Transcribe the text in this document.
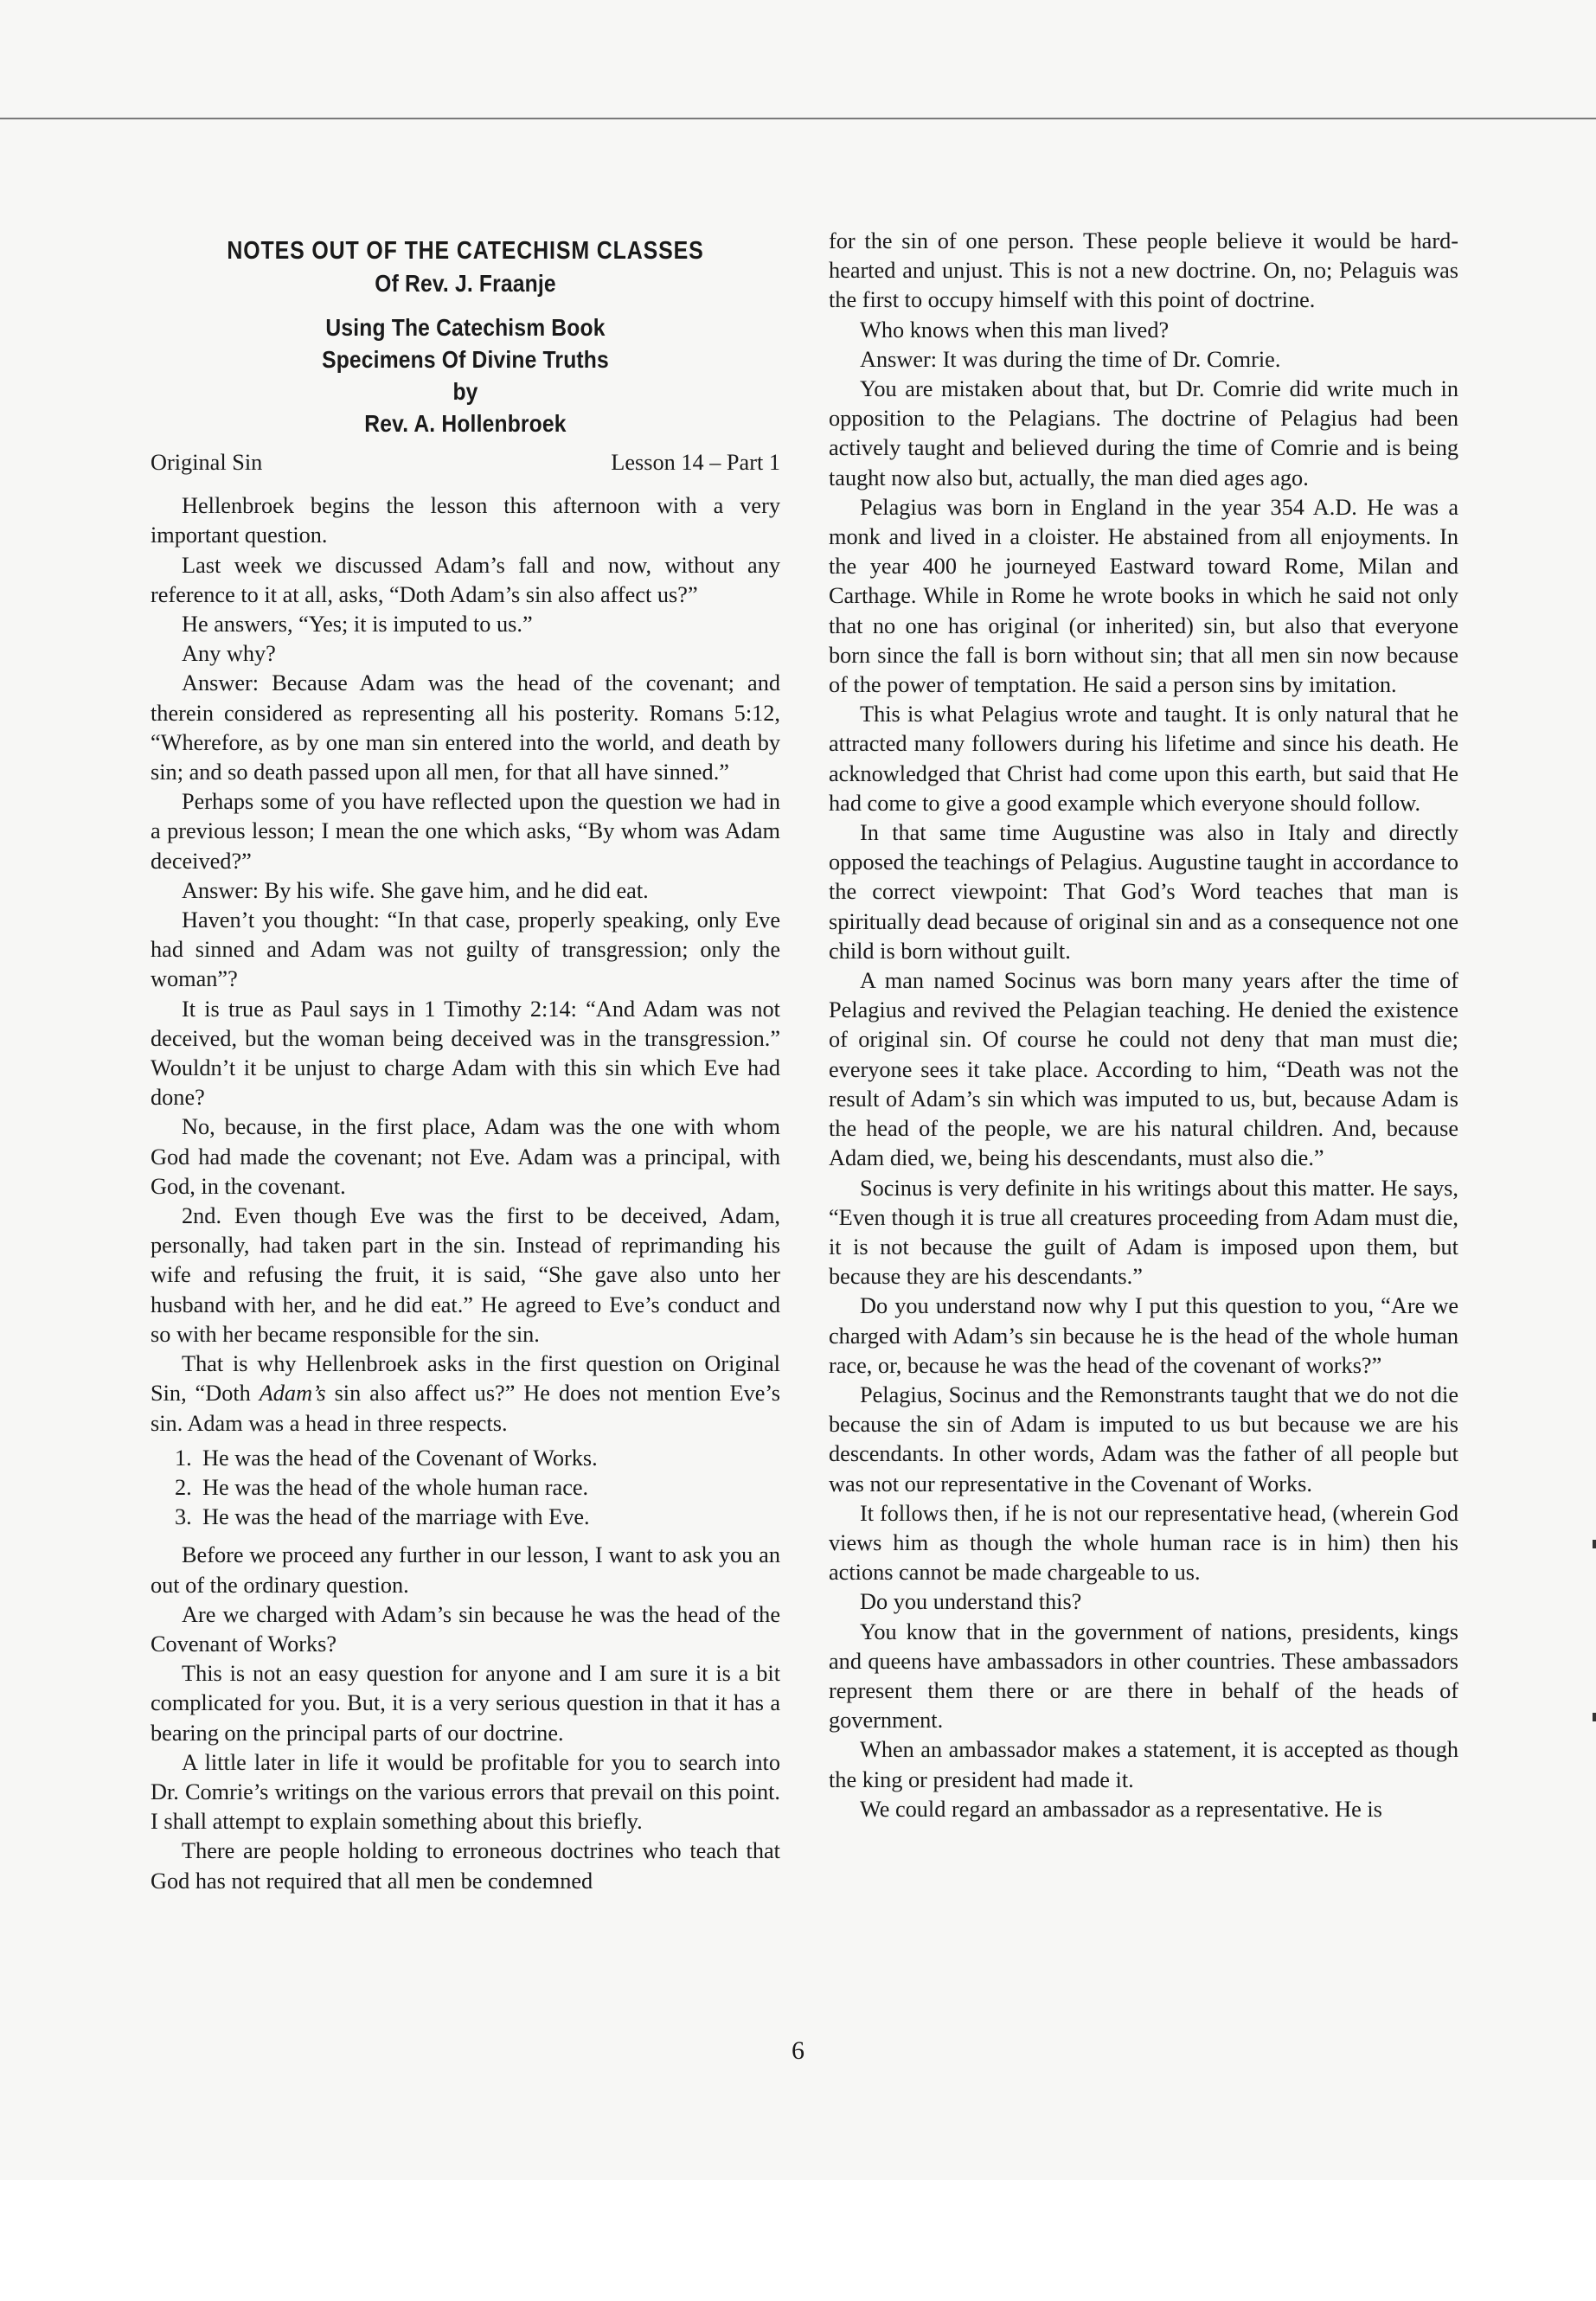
NOTES OUT OF THE CATECHISM CLASSES
Of Rev. J. Fraanje
Using The Catechism Book
Specimens Of Divine Truths
by
Rev. A. Hollenbroek
Original Sin	Lesson 14 – Part 1

Hellenbroek begins the lesson this afternoon with a very important question.

Last week we discussed Adam’s fall and now, without any reference to it at all, asks, “Doth Adam’s sin also affect us?”

He answers, “Yes; it is imputed to us.”

Any why?

Answer: Because Adam was the head of the covenant; and therein considered as representing all his posterity. Romans 5:12, “Wherefore, as by one man sin entered into the world, and death by sin; and so death passed upon all men, for that all have sinned.”

Perhaps some of you have reflected upon the question we had in a previous lesson; I mean the one which asks, “By whom was Adam deceived?”

Answer: By his wife. She gave him, and he did eat.

Haven’t you thought: “In that case, properly speaking, only Eve had sinned and Adam was not guilty of transgression; only the woman”?

It is true as Paul says in 1 Timothy 2:14: “And Adam was not deceived, but the woman being deceived was in the transgression.” Wouldn’t it be unjust to charge Adam with this sin which Eve had done?

No, because, in the first place, Adam was the one with whom God had made the covenant; not Eve. Adam was a principal, with God, in the covenant.

2nd. Even though Eve was the first to be deceived, Adam, personally, had taken part in the sin. Instead of reprimanding his wife and refusing the fruit, it is said, “She gave also unto her husband with her, and he did eat.” He agreed to Eve’s conduct and so with her became responsible for the sin.

That is why Hellenbroek asks in the first question on Original Sin, “Doth Adam’s sin also affect us?” He does not mention Eve’s sin. Adam was a head in three respects.

1. He was the head of the Covenant of Works.
2. He was the head of the whole human race.
3. He was the head of the marriage with Eve.

Before we proceed any further in our lesson, I want to ask you an out of the ordinary question.

Are we charged with Adam’s sin because he was the head of the Covenant of Works?

This is not an easy question for anyone and I am sure it is a bit complicated for you. But, it is a very serious question in that it has a bearing on the principal parts of our doctrine.

A little later in life it would be profitable for you to search into Dr. Comrie’s writings on the various errors that prevail on this point. I shall attempt to explain something about this briefly.

There are people holding to erroneous doctrines who teach that God has not required that all men be condemned

for the sin of one person. These people believe it would be hard-hearted and unjust. This is not a new doctrine. On, no; Pelaguis was the first to occupy himself with this point of doctrine.

Who knows when this man lived?

Answer: It was during the time of Dr. Comrie.

You are mistaken about that, but Dr. Comrie did write much in opposition to the Pelagians. The doctrine of Pelagius had been actively taught and believed during the time of Comrie and is being taught now also but, actually, the man died ages ago.

Pelagius was born in England in the year 354 A.D. He was a monk and lived in a cloister. He abstained from all enjoyments. In the year 400 he journeyed Eastward toward Rome, Milan and Carthage. While in Rome he wrote books in which he said not only that no one has original (or inherited) sin, but also that everyone born since the fall is born without sin; that all men sin now because of the power of temptation. He said a person sins by imitation.

This is what Pelagius wrote and taught. It is only natural that he attracted many followers during his lifetime and since his death. He acknowledged that Christ had come upon this earth, but said that He had come to give a good example which everyone should follow.

In that same time Augustine was also in Italy and directly opposed the teachings of Pelagius. Augustine taught in accordance to the correct viewpoint: That God’s Word teaches that man is spiritually dead because of original sin and as a consequence not one child is born without guilt.

A man named Socinus was born many years after the time of Pelagius and revived the Pelagian teaching. He denied the existence of original sin. Of course he could not deny that man must die; everyone sees it take place. According to him, “Death was not the result of Adam’s sin which was imputed to us, but, because Adam is the head of the people, we are his natural children. And, because Adam died, we, being his descendants, must also die.”

Socinus is very definite in his writings about this matter. He says, “Even though it is true all creatures proceeding from Adam must die, it is not because the guilt of Adam is imposed upon them, but because they are his descendants.”

Do you understand now why I put this question to you, “Are we charged with Adam’s sin because he is the head of the whole human race, or, because he was the head of the covenant of works?”

Pelagius, Socinus and the Remonstrants taught that we do not die because the sin of Adam is imputed to us but because we are his descendants. In other words, Adam was the father of all people but was not our representative in the Covenant of Works.

It follows then, if he is not our representative head, (wherein God views him as though the whole human race is in him) then his actions cannot be made chargeable to us.

Do you understand this?

You know that in the government of nations, presidents, kings and queens have ambassadors in other countries. These ambassadors represent them there or are there in behalf of the heads of government.

When an ambassador makes a statement, it is accepted as though the king or president had made it.

We could regard an ambassador as a representative. He is

6
